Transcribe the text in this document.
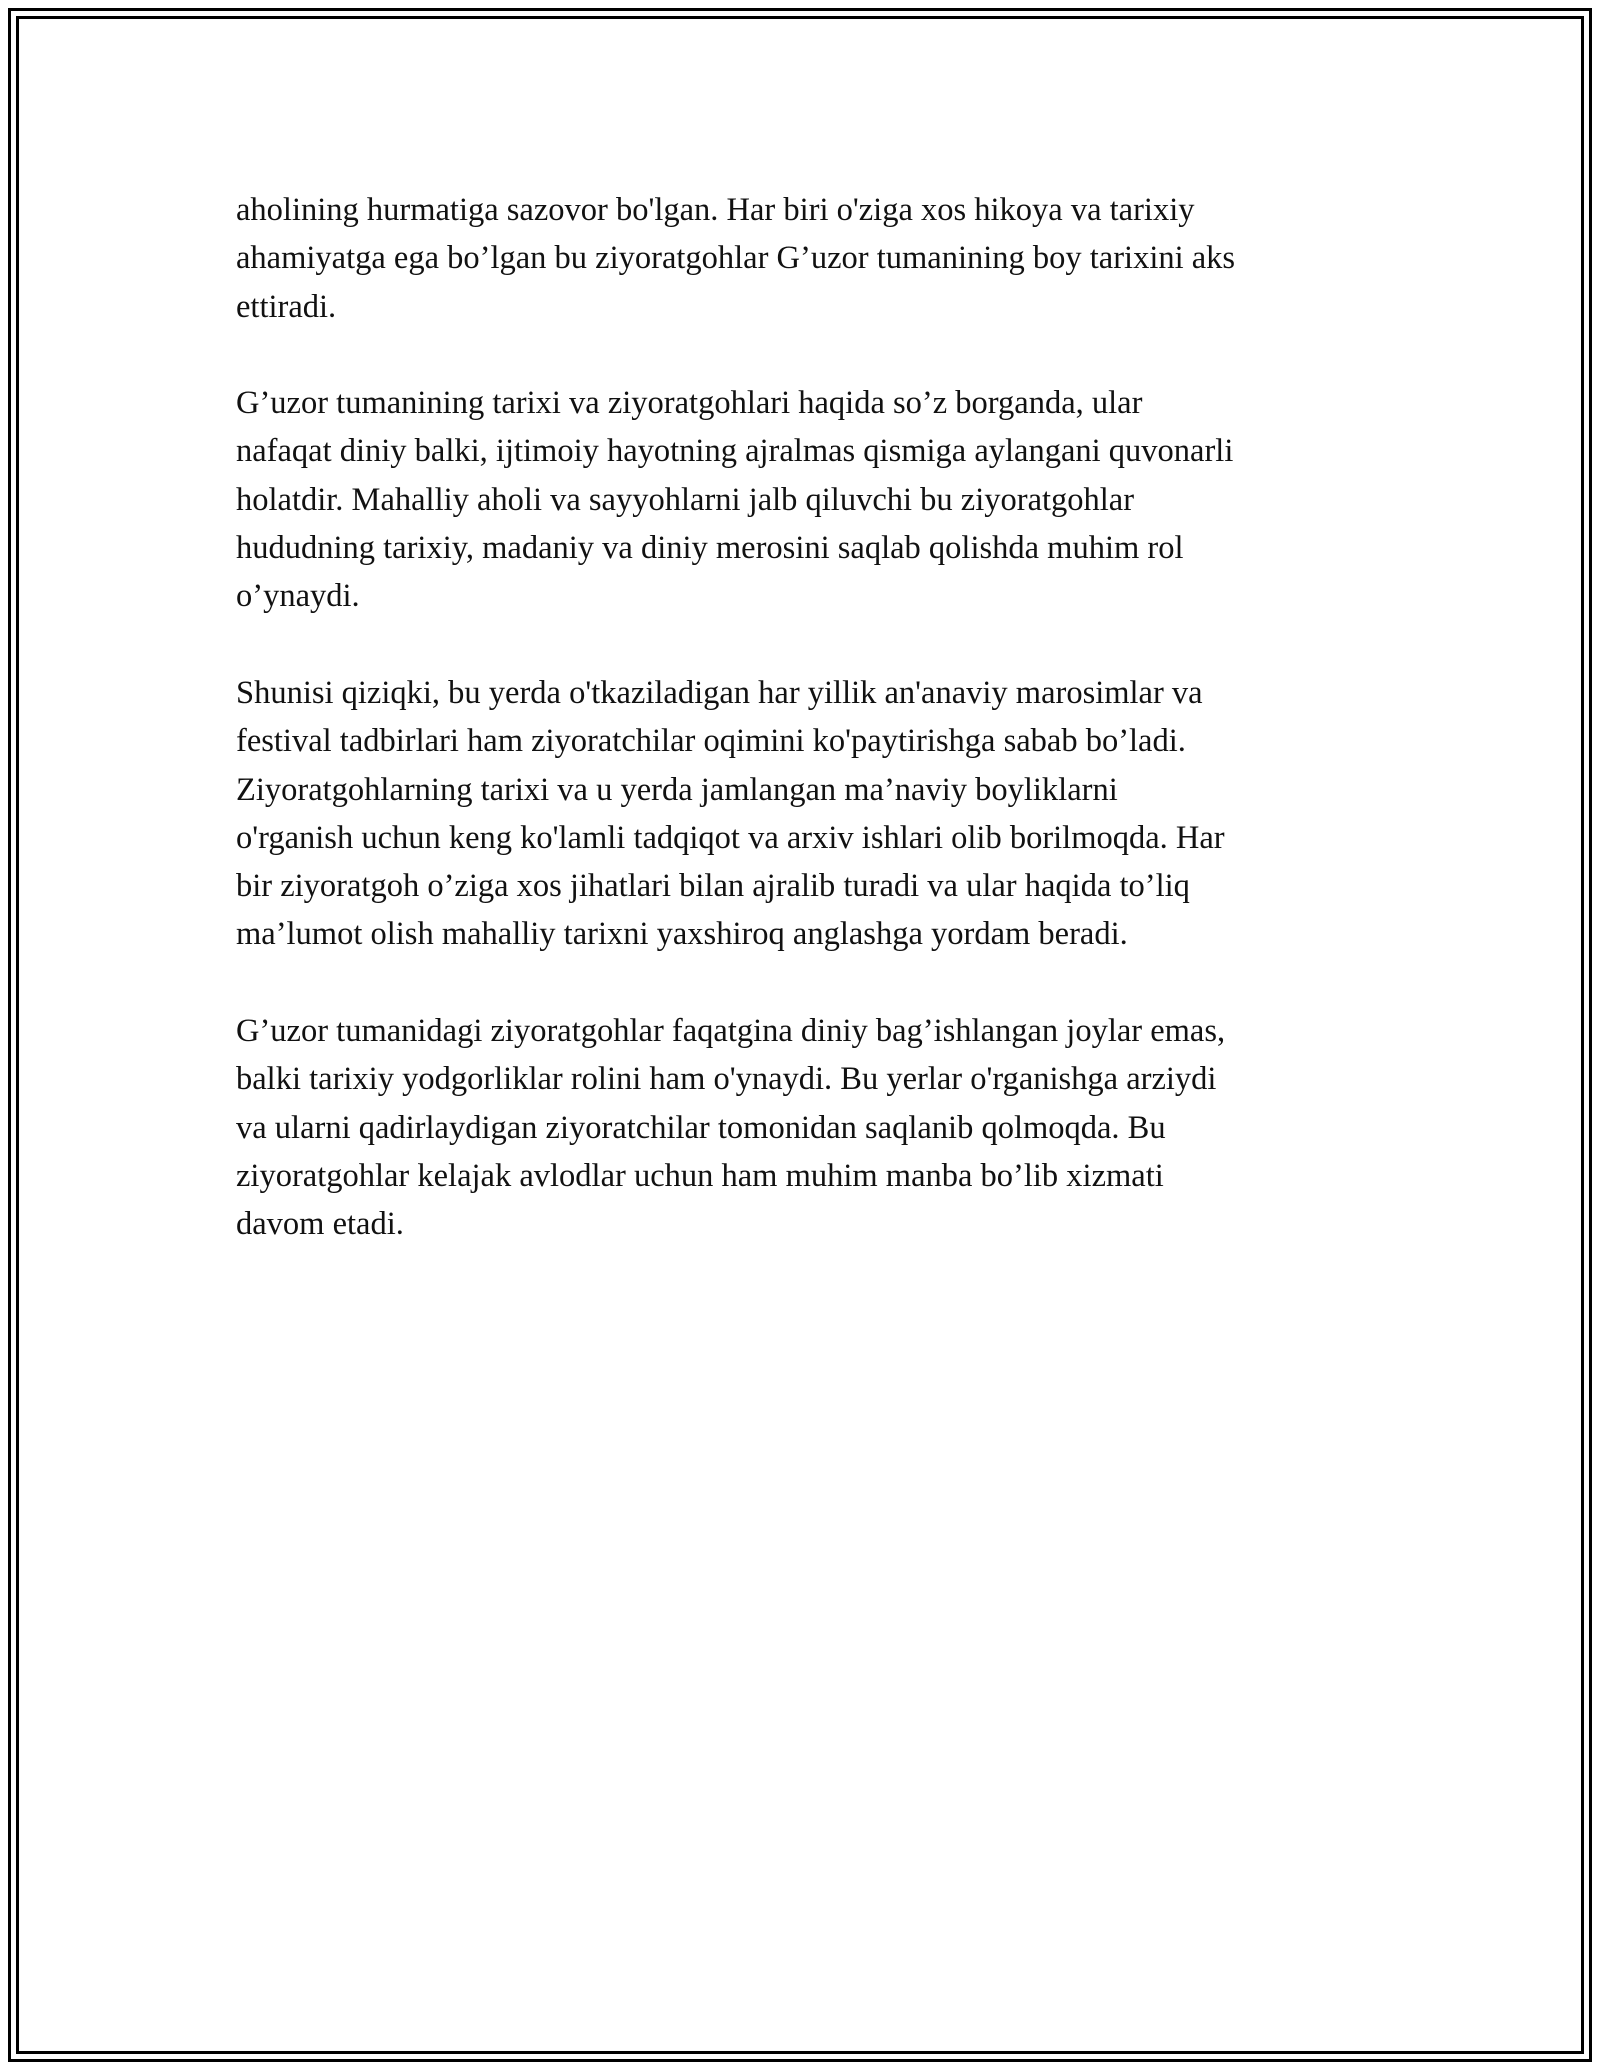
aholining hurmatiga sazovor bo'lgan. Har biri o'ziga xos hikoya va tarixiy
ahamiyatga ega bo’lgan bu ziyoratgohlar G’uzor tumanining boy tarixini aks
ettiradi.

G’uzor tumanining tarixi va ziyoratgohlari haqida so’z borganda, ular
nafaqat diniy balki, ijtimoiy hayotning ajralmas qismiga aylangani quvonarli
holatdir. Mahalliy aholi va sayyohlarni jalb qiluvchi bu ziyoratgohlar
hududning tarixiy, madaniy va diniy merosini saqlab qolishda muhim rol
o’ynaydi.

Shunisi qiziqki, bu yerda o'tkaziladigan har yillik an'anaviy marosimlar va
festival tadbirlari ham ziyoratchilar oqimini ko'paytirishga sabab bo’ladi.
Ziyoratgohlarning tarixi va u yerda jamlangan ma’naviy boyliklarni
o'rganish uchun keng ko'lamli tadqiqot va arxiv ishlari olib borilmoqda. Har
bir ziyoratgoh o’ziga xos jihatlari bilan ajralib turadi va ular haqida to’liq
ma’lumot olish mahalliy tarixni yaxshiroq anglashga yordam beradi.

G’uzor tumanidagi ziyoratgohlar faqatgina diniy bag’ishlangan joylar emas,
balki tarixiy yodgorliklar rolini ham o'ynaydi. Bu yerlar o'rganishga arziydi
va ularni qadirlaydigan ziyoratchilar tomonidan saqlanib qolmoqda. Bu
ziyoratgohlar kelajak avlodlar uchun ham muhim manba bo’lib xizmati
davom etadi.
